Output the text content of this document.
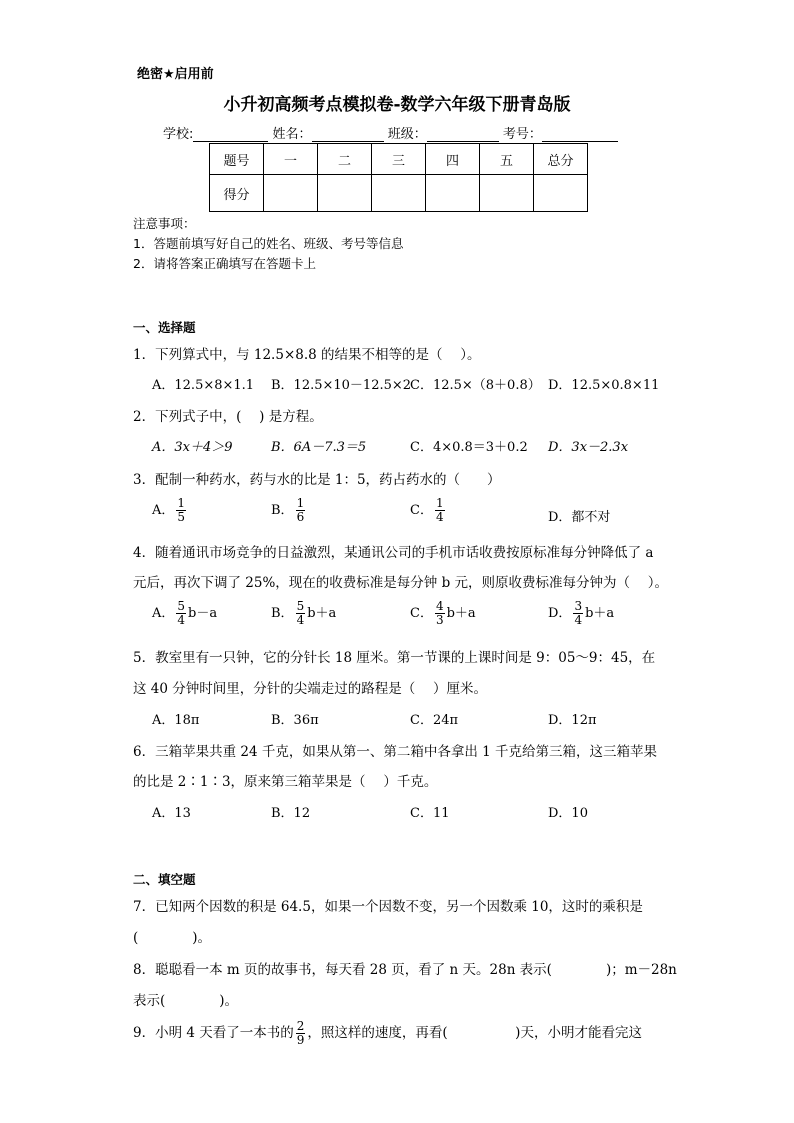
绝密★启用前
小升初高频考点模拟卷-数学六年级下册青岛版
学校:	姓名：	班级：	考号：
题号	一	二	三	四	五	总分
得分						
注意事项：
1．答题前填写好自己的姓名、班级、考号等信息
2．请将答案正确填写在答题卡上
一、选择题
1．下列算式中，与 12.5×8.8 的结果不相等的是（　 ）。
A．12.5×8×1.1 B．12.5×10－12.5×2
C．12.5×（8＋0.8） D．12.5×0.8×11
2．下列式子中，(　 ) 是方程。
A．3x＋4＞9	B．6A－7.3＝5	C．4×0.8＝3＋0.2 D．3x－2.3x
3．配制一种药水，药与水的比是 1：5，药占药水的（　　）
A． $\frac{1}{5}$	B． $\frac{1}{6}$	C． $\frac{1}{4}$	D．都不对
4．随着通讯市场竞争的日益激烈，某通讯公司的手机市话收费按原标准每分钟降低了 a
元后，再次下调了 25%，现在的收费标准是每分钟 b 元，则原收费标准每分钟为（　 ）。
A． $\frac{5}{4} b-a$	B． $\frac{5}{4} b+a$	C． $\frac{4}{3} b+a$	D． $\frac{3}{4} b+a$
5．教室里有一只钟，它的分针长 18 厘米。第一节课的上课时间是 9：05～9：45，在
这 40 分钟时间里，分针的尖端走过的路程是（　 ）厘米。
A．18π	B．36π	C．24π	D．12π
6．三箱苹果共重 24 千克，如果从第一、第二箱中各拿出 1 千克给第三箱，这三箱苹果
的比是 2∶1∶3，原来第三箱苹果是（　 ）千克。
A．13	B．12	C．11	D．10
二、填空题
7．已知两个因数的积是 64.5，如果一个因数不变，另一个因数乘 10，这时的乘积是
(　　　　)。
8．聪聪看一本 m 页的故事书，每天看 28 页，看了 n 天。28n 表示(　　　　)；m－28n
表示(　　　　)。
9．小明 4 天看了一本书的 $\frac{2}{9}$ ，照这样的速度，再看(　　　　　)天，小明才能看完这
